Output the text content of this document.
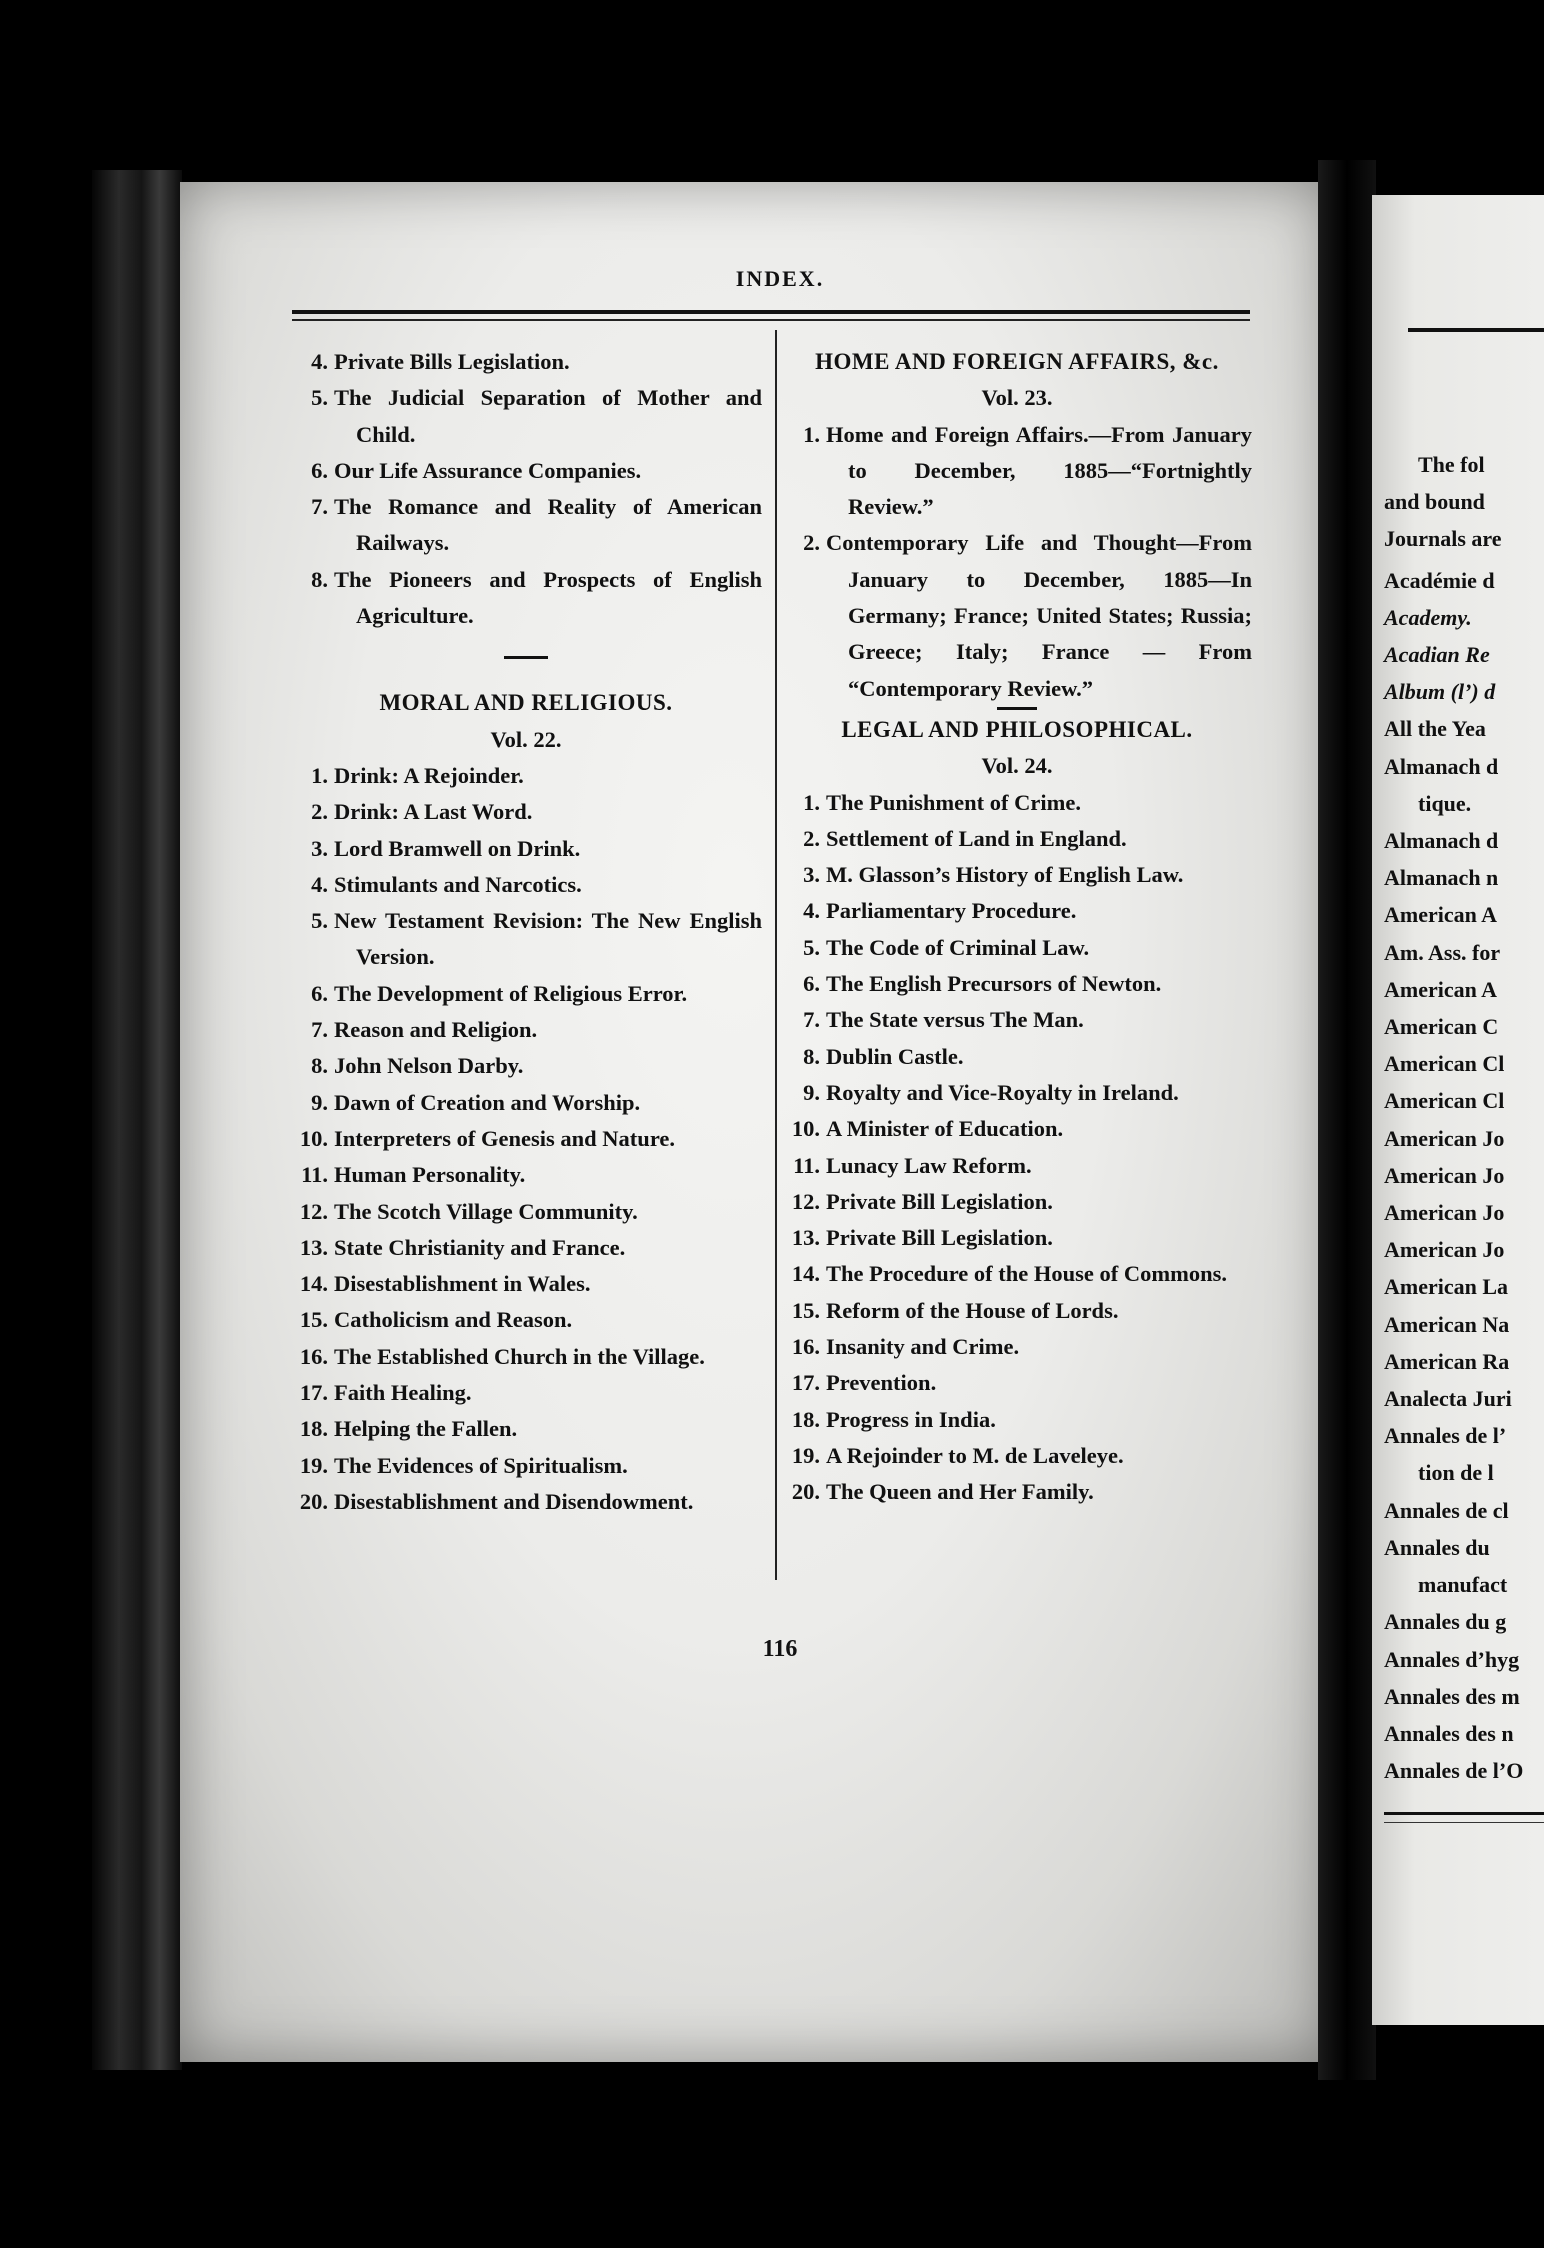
INDEX.
4. Private Bills Legislation.
5. The Judicial Separation of Mother and Child.
6. Our Life Assurance Companies.
7. The Romance and Reality of American Railways.
8. The Pioneers and Prospects of English Agriculture.
MORAL AND RELIGIOUS.
Vol. 22.
1. Drink: A Rejoinder.
2. Drink: A Last Word.
3. Lord Bramwell on Drink.
4. Stimulants and Narcotics.
5. New Testament Revision: The New English Version.
6. The Development of Religious Error.
7. Reason and Religion.
8. John Nelson Darby.
9. Dawn of Creation and Worship.
10. Interpreters of Genesis and Nature.
11. Human Personality.
12. The Scotch Village Community.
13. State Christianity and France.
14. Disestablishment in Wales.
15. Catholicism and Reason.
16. The Established Church in the Village.
17. Faith Healing.
18. Helping the Fallen.
19. The Evidences of Spiritualism.
20. Disestablishment and Disendowment.
HOME AND FOREIGN AFFAIRS, &c.
Vol. 23.
1. Home and Foreign Affairs.—From January to December, 1885—“Fortnightly Review.”
2. Contemporary Life and Thought—From January to December, 1885—In Germany; France; United States; Russia; Greece; Italy; France — From “Contemporary Review.”
LEGAL AND PHILOSOPHICAL.
Vol. 24.
1. The Punishment of Crime.
2. Settlement of Land in England.
3. M. Glasson’s History of English Law.
4. Parliamentary Procedure.
5. The Code of Criminal Law.
6. The English Precursors of Newton.
7. The State versus The Man.
8. Dublin Castle.
9. Royalty and Vice-Royalty in Ireland.
10. A Minister of Education.
11. Lunacy Law Reform.
12. Private Bill Legislation.
13. Private Bill Legislation.
14. The Procedure of the House of Commons.
15. Reform of the House of Lords.
16. Insanity and Crime.
17. Prevention.
18. Progress in India.
19. A Rejoinder to M. de Laveleye.
20. The Queen and Her Family.
116
The fol
and bound
Journals are
Académie d
Academy.
Acadian Re
Album (l’) d
All the Yea
Almanach d
tique.
Almanach d
Almanach n
American A
Am. Ass. for
American A
American C
American Cl
American Cl
American Jo
American Jo
American Jo
American Jo
American La
American Na
American Ra
Analecta Juri
Annales de l’
tion de l
Annales de cl
Annales du
manufact
Annales du g
Annales d’hyg
Annales des m
Annales des n
Annales de l’O
